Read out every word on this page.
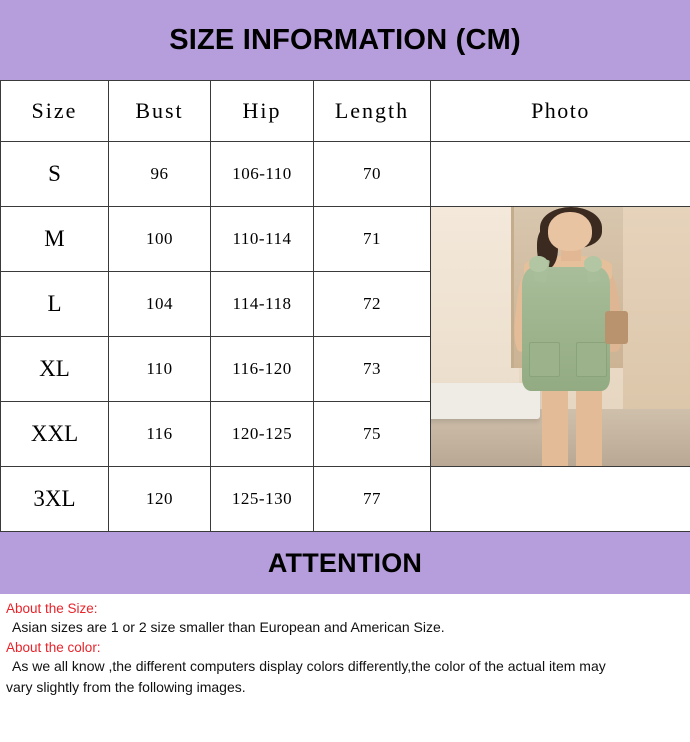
SIZE INFORMATION (CM)
Size	Bust	Hip	Length	Photo
S	96	106-110	70	

M	100	110-114	71	

L	104	114-118	72	
XL	110	116-120	73	
XXL	116	120-125	75	
3XL	120	125-130	77	
ATTENTION
About the Size:
Asian sizes are 1 or 2 size smaller than European and American Size.
About the color:
As we all know ,the different computers display colors differently,the color of the actual item may
vary slightly from the following images.
